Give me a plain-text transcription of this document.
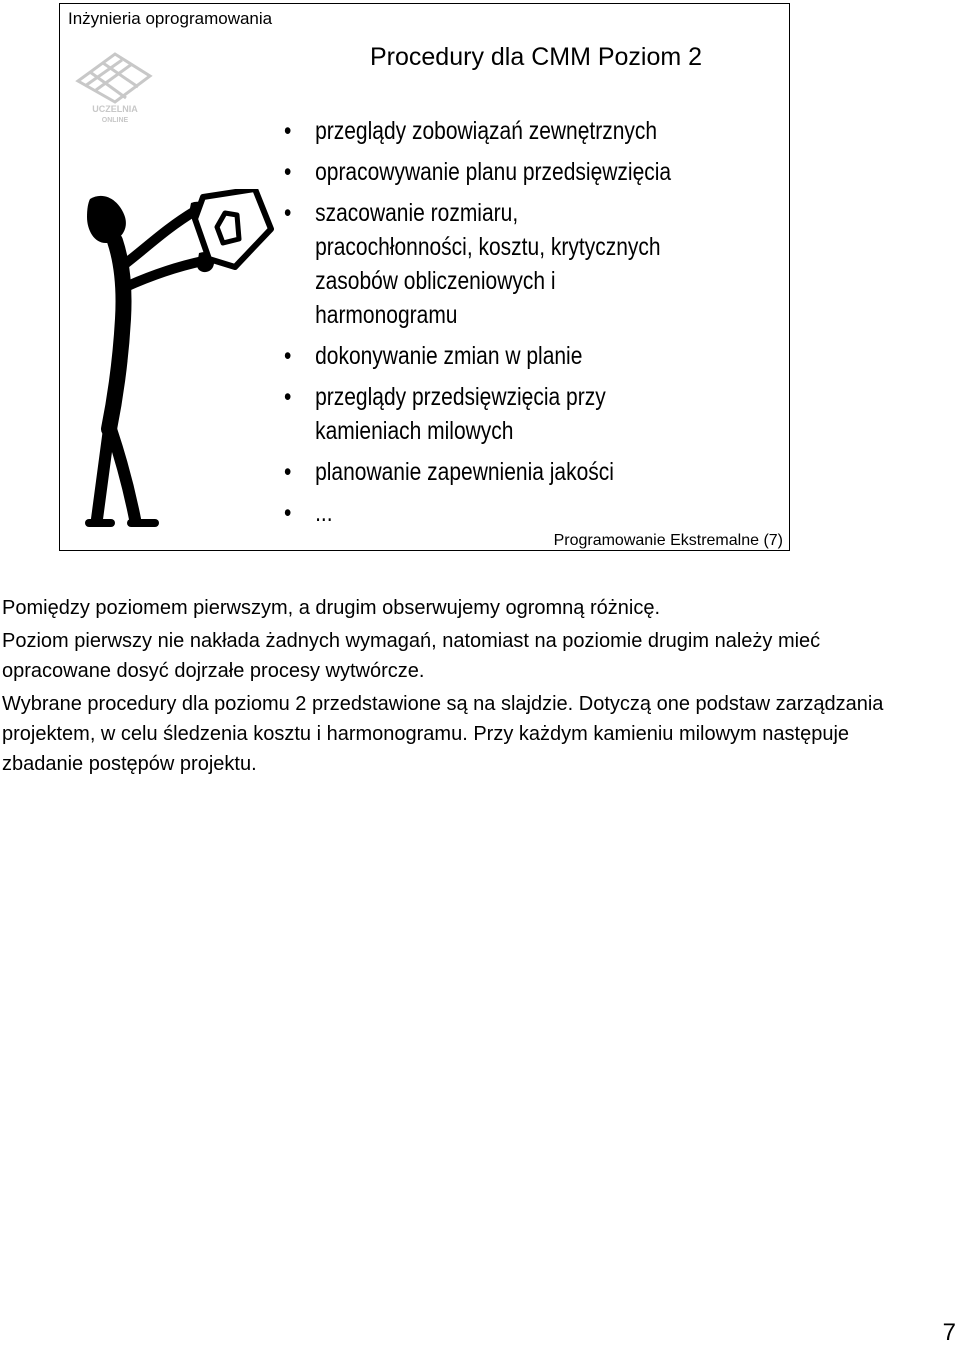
Inżynieria oprogramowania
UCZELNIA
ONLINE
Procedury dla CMM Poziom 2
• przeglądy zobowiązań zewnętrznych
• opracowywanie planu przedsięwzięcia
• szacowanie rozmiaru, pracochłonności, kosztu, krytycznych zasobów obliczeniowych i harmonogramu
• dokonywanie zmian w planie
• przeglądy przedsięwzięcia przy kamieniach milowych
• planowanie zapewnienia jakości
• ...
Programowanie Ekstremalne (7)

Pomiędzy poziomem pierwszym, a drugim obserwujemy ogromną różnicę.

Poziom pierwszy nie nakłada żadnych wymagań, natomiast na poziomie drugim należy mieć opracowane dosyć dojrzałe procesy wytwórcze.

Wybrane procedury dla poziomu 2 przedstawione są na slajdzie. Dotyczą one podstaw zarządzania projektem, w celu śledzenia kosztu i harmonogramu. Przy każdym kamieniu milowym następuje zbadanie postępów projektu.

7
